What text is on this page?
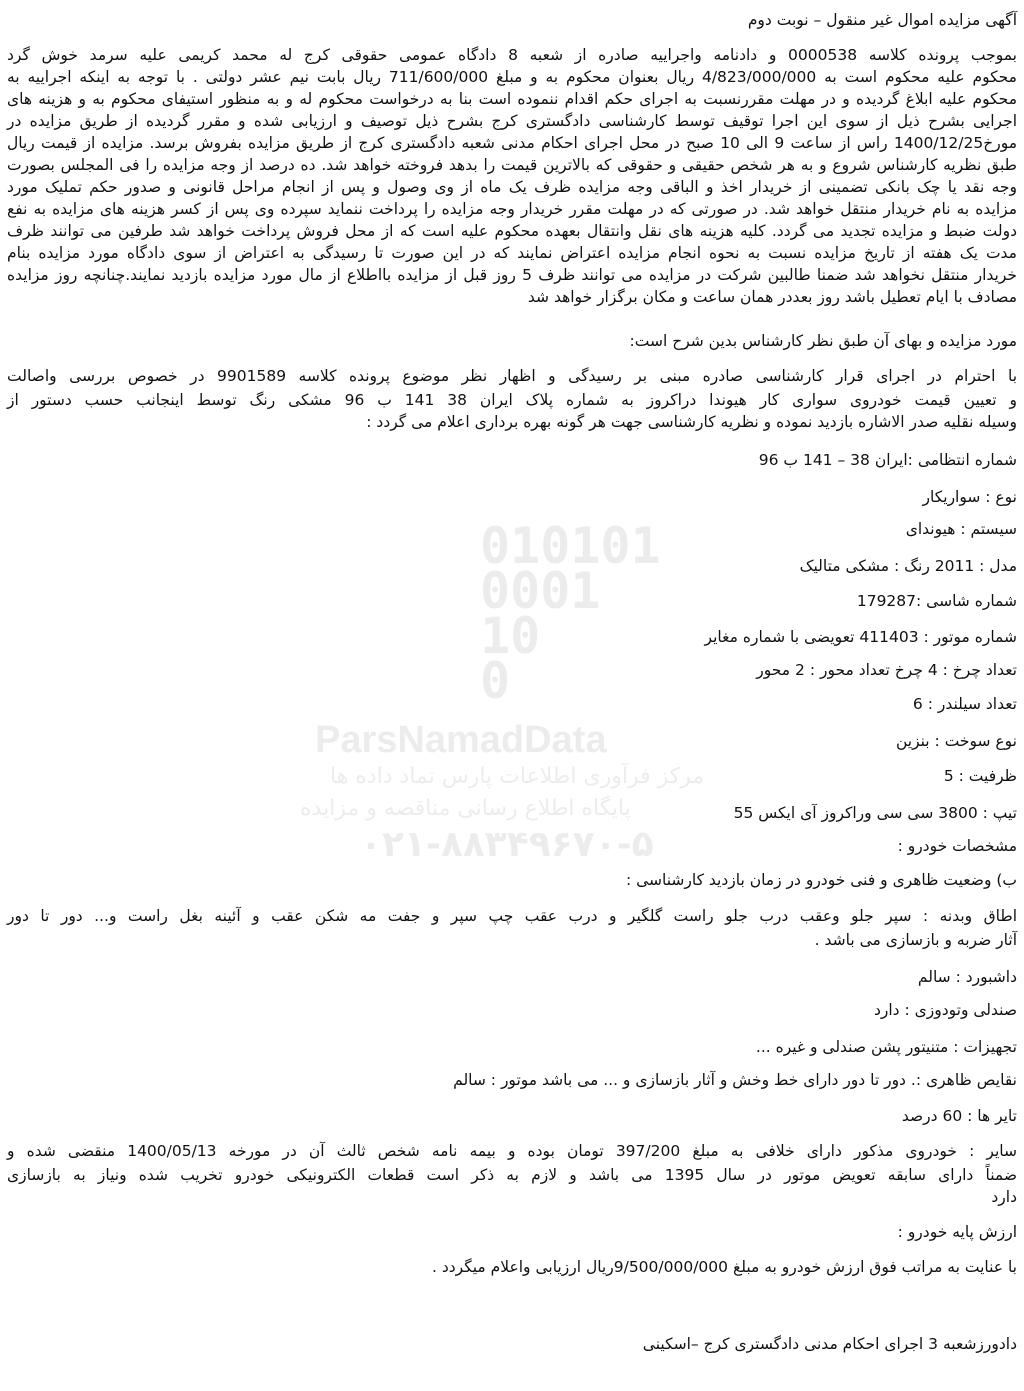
010101
0001
10
0
ParsNamadData
مرکز فرآوری اطلاعات پارس نماد داده ها
پایگاه اطلاع رسانی مناقصه و مزایده
۰۲۱-۸۸۳۴۹۶۷۰-۵
آگهی مزایده اموال غیر منقول – نوبت دوم
بموجب پرونده کلاسه 0000538 و دادنامه واجراییه صادره از شعبه 8 دادگاه عمومی حقوقی کرج له محمد کریمی علیه سرمد خوش گرد
محکوم علیه محکوم است به 4/823/000/000 ریال بعنوان محکوم به و مبلغ 711/600/000 ریال بابت نیم عشر دولتی . با توجه به اینکه اجراییه به
محکوم علیه ابلاغ گردیده و در مهلت مقررنسبت به اجرای حکم اقدام ننموده است بنا به درخواست محکوم له و به منظور استیفای محکوم به و هزینه های
اجرایی بشرح ذیل از سوی این اجرا توقیف توسط کارشناسی دادگستری کرج بشرح ذیل توصیف و ارزیابی شده و مقرر گردیده از طریق مزایده در
مورخ1400/12/25 راس از ساعت 9 الی 10 صبح در محل اجرای احکام مدنی شعبه دادگستری کرج از طریق مزایده بفروش برسد. مزایده از قیمت ریال
طبق نظریه کارشناس شروع و به هر شخص حقیقی و حقوقی که بالاترین قیمت را بدهد فروخته خواهد شد. ده درصد از وجه مزایده را فی المجلس بصورت
وجه نقد یا چک بانکی تضمینی از خریدار اخذ و الباقی وجه مزایده ظرف یک ماه از وی وصول و پس از انجام مراحل قانونی و صدور حکم تملیک مورد
مزایده به نام خریدار منتقل خواهد شد. در صورتی که در مهلت مقرر خریدار وجه مزایده را پرداخت ننماید سپرده وی پس از کسر هزینه های مزایده به نفع
دولت ضبط و مزایده تجدید می گردد. کلیه هزینه های نقل وانتقال بعهده محکوم علیه است که از محل فروش پرداخت خواهد شد طرفین می توانند ظرف
مدت یک هفته از تاریخ مزایده نسبت به نحوه انجام مزایده اعتراض نمایند که در این صورت تا رسیدگی به اعتراض از سوی دادگاه مورد مزایده بنام
خریدار منتقل نخواهد شد ضمنا طالبین شرکت در مزایده می توانند ظرف 5 روز قبل از مزایده بااطلاع از مال مورد مزایده بازدید نمایند.چنانچه روز مزایده
مصادف با ایام تعطیل باشد روز بعددر همان ساعت و مکان برگزار خواهد شد
مورد مزایده و بهای آن طبق نظر کارشناس بدین شرح است:
با احترام در اجرای قرار کارشناسی صادره مبنی بر رسیدگی و اظهار نظر موضوع پرونده کلاسه 9901589 در خصوص بررسی واصالت
و تعیین قیمت خودروی سواری کار هیوندا دراکروز به شماره پلاک ایران 38 141 ب 96 مشکی رنگ توسط اینجانب حسب دستور از
وسیله نقلیه صدر الاشاره بازدید نموده و نظریه کارشناسی جهت هر گونه بهره برداری اعلام می گردد :
شماره انتظامی :ایران 38 – 141 ب 96
نوع : سواریکار
سیستم : هیوندای
مدل : 2011 رنگ : مشکی متالیک
شماره شاسی :179287
شماره موتور : 411403 تعویضی با شماره مغایر
تعداد چرخ : 4 چرخ تعداد محور : 2 محور
تعداد سیلندر : 6
نوع سوخت : بنزین
ظرفیت : 5
تیپ : 3800 سی سی وراکروز آی ایکس 55
مشخصات خودرو :
ب) وضعیت ظاهری و فنی خودرو در زمان بازدید کارشناسی :
اطاق وبدنه : سپر جلو وعقب درب جلو راست گلگیر و درب عقب چپ سپر و جفت مه شکن عقب و آئینه بغل راست و... دور تا دور
آثار ضربه و بازسازی می باشد .
داشبورد : سالم
صندلی وتودوزی : دارد
تجهیزات : متنیتور پشن صندلی و غیره ...
نقایص ظاهری :. دور تا دور دارای خط وخش و آثار بازسازی و ... می باشد موتور : سالم
تایر ها : 60 درصد
سایر : خودروی مذکور دارای خلافی به مبلغ 397/200 تومان بوده و بیمه نامه شخص ثالث آن در مورخه 1400/05/13 منقضی شده و
ضمناً دارای سابقه تعویض موتور در سال 1395 می باشد و لازم به ذکر است قطعات الکترونیکی خودرو تخریب شده ونیاز به بازسازی
دارد
ارزش پایه خودرو :
با عنایت به مراتب فوق ارزش خودرو به مبلغ 9/500/000/000ریال ارزیابی واعلام میگردد .
دادورزشعبه 3 اجرای احکام مدنی دادگستری کرج –اسکینی
